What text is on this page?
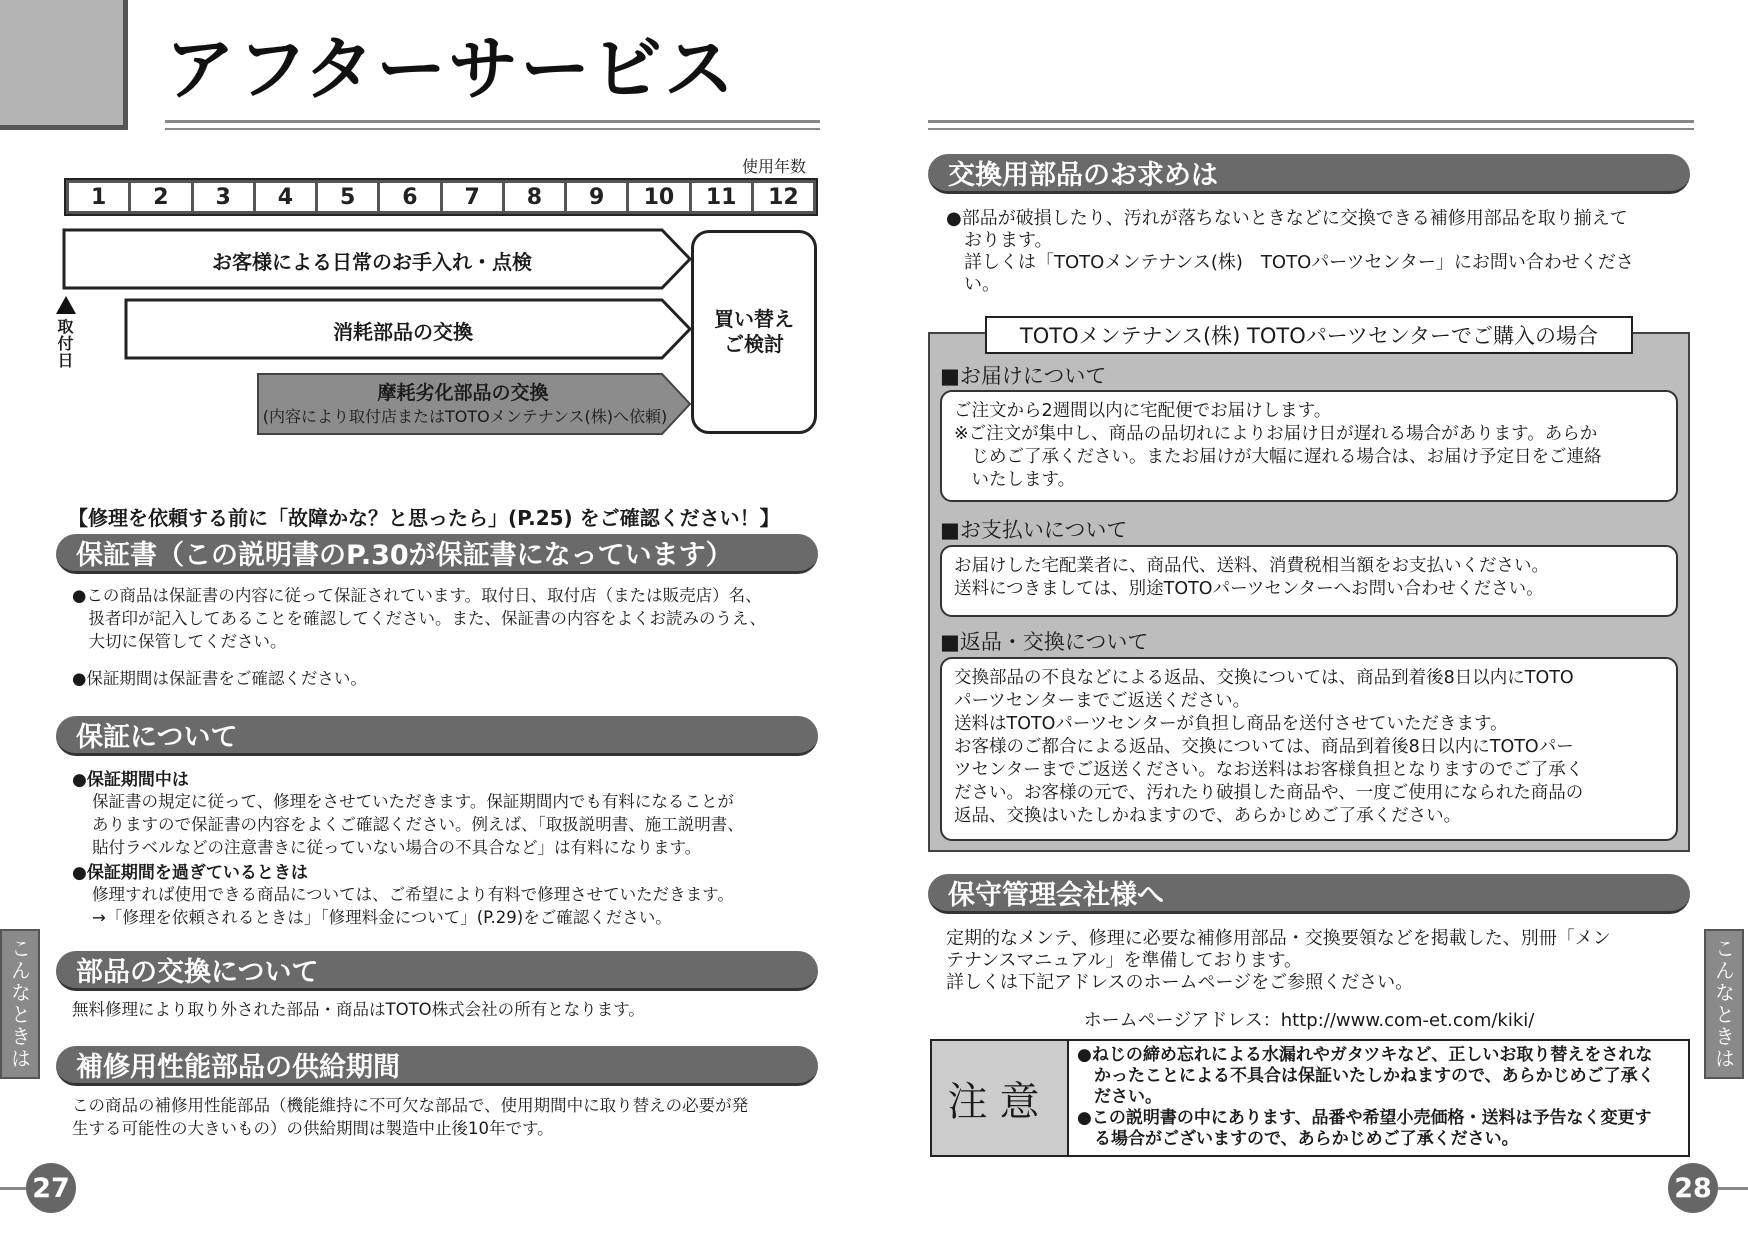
アフターサービス
使用年数
1	2	3	4	5	6	7	8	9	10	11	12
お客様による日常のお手入れ・点検
消耗部品の交換
摩耗劣化部品の交換
(内容により取付店またはTOTOメンテナンス(株)へ依頼)
買い替え
ご検討
取付日
【修理を依頼する前に「故障かな？と思ったら」(P.25) をご確認ください！】
保証書（この説明書のP.30が保証書になっています）
●この商品は保証書の内容に従って保証されています。取付日、取付店（または販売店）名、
　扱者印が記入してあることを確認してください。また、保証書の内容をよくお読みのうえ、
　大切に保管してください。
●保証期間は保証書をご確認ください。
保証について
●保証期間中は
保証書の規定に従って、修理をさせていただきます。保証期間内でも有料になることが
ありますので保証書の内容をよくご確認ください。例えば、「取扱説明書、施工説明書、
貼付ラベルなどの注意書きに従っていない場合の不具合など」は有料になります。
●保証期間を過ぎているときは
修理すれば使用できる商品については、ご希望により有料で修理させていただきます。
→「修理を依頼されるときは」「修理料金について」(P.29)をご確認ください。
部品の交換について
無料修理により取り外された部品・商品はTOTO株式会社の所有となります。
補修用性能部品の供給期間
この商品の補修用性能部品（機能維持に不可欠な部品で、使用期間中に取り替えの必要が発
生する可能性の大きいもの）の供給期間は製造中止後10年です。
こんなときは
27
交換用部品のお求めは
●部品が破損したり、汚れが落ちないときなどに交換できる補修用部品を取り揃えて
　おります。
　詳しくは「TOTOメンテナンス(株)　TOTOパーツセンター」にお問い合わせくださ
　い。
TOTOメンテナンス(株) TOTOパーツセンターでご購入の場合
■お届けについて
ご注文から2週間以内に宅配便でお届けします。
※ご注文が集中し、商品の品切れによりお届け日が遅れる場合があります。あらか
　じめご了承ください。またお届けが大幅に遅れる場合は、お届け予定日をご連絡
　いたします。
■お支払いについて
お届けした宅配業者に、商品代、送料、消費税相当額をお支払いください。
送料につきましては、別途TOTOパーツセンターへお問い合わせください。
■返品・交換について
交換部品の不良などによる返品、交換については、商品到着後8日以内にTOTO
パーツセンターまでご返送ください。
送料はTOTOパーツセンターが負担し商品を送付させていただきます。
お客様のご都合による返品、交換については、商品到着後8日以内にTOTOパー
ツセンターまでご返送ください。なお送料はお客様負担となりますのでご了承く
ださい。お客様の元で、汚れたり破損した商品や、一度ご使用になられた商品の
返品、交換はいたしかねますので、あらかじめご了承ください。
保守管理会社様へ
定期的なメンテ、修理に必要な補修用部品・交換要領などを掲載した、別冊「メン
テナンスマニュアル」を準備しております。
詳しくは下記アドレスのホームページをご参照ください。
ホームページアドレス：http://www.com-et.com/kiki/
注意
●ねじの締め忘れによる水漏れやガタツキなど、正しいお取り替えをされな
　かったことによる不具合は保証いたしかねますので、あらかじめご了承く
　ださい。
●この説明書の中にあります、品番や希望小売価格・送料は予告なく変更す
　る場合がございますので、あらかじめご了承ください。
こんなときは
28
